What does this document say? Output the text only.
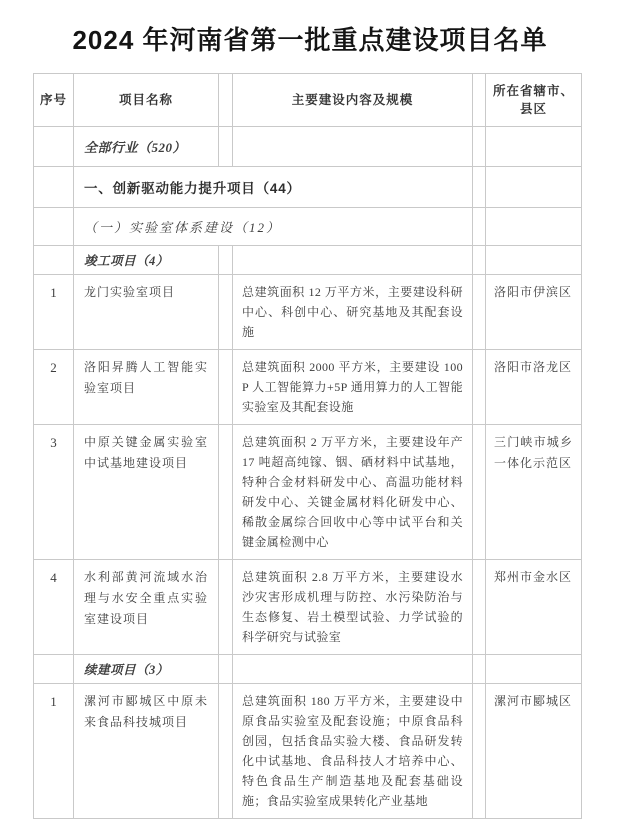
2024 年河南省第一批重点建设项目名单
序号	项目名称		主要建设内容及规模		所在省辖市、县区
	全部行业（520）				
	一、创新驱动能力提升项目（44）				
	（一）实验室体系建设（12）				
	竣工项目（4）				
1	龙门实验室项目		总建筑面积 12 万平方米，主要建设科研中心、科创中心、研究基地及其配套设施		洛阳市伊滨区
2	洛阳昇腾人工智能实验室项目		总建筑面积 2000 平方米，主要建设 100P 人工智能算力+5P 通用算力的人工智能实验室及其配套设施		洛阳市洛龙区
3	中原关键金属实验室中试基地建设项目		总建筑面积 2 万平方米，主要建设年产 17 吨超高纯镓、铟、硒材料中试基地，特种合金材料研发中心、高温功能材料研发中心、关键金属材料化研发中心、稀散金属综合回收中心等中试平台和关键金属检测中心		三门峡市城乡一体化示范区
4	水利部黄河流域水治理与水安全重点实验室建设项目		总建筑面积 2.8 万平方米，主要建设水沙灾害形成机理与防控、水污染防治与生态修复、岩土模型试验、力学试验的科学研究与试验室		郑州市金水区
	续建项目（3）				
1	漯河市郾城区中原未来食品科技城项目		总建筑面积 180 万平方米，主要建设中原食品实验室及配套设施；中原食品科创园，包括食品实验大楼、食品研发转化中试基地、食品科技人才培养中心、特色食品生产制造基地及配套基础设施；食品实验室成果转化产业基地		漯河市郾城区
